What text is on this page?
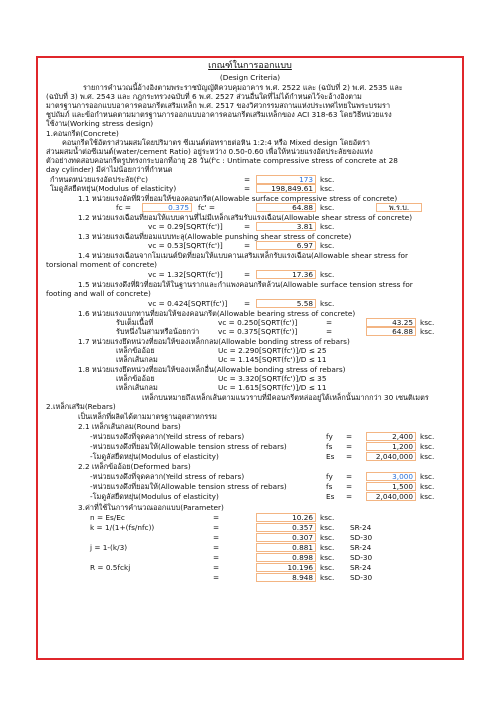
เกณฑ์ในการออกแบบ
(Design Criteria)
รายการคำนวณนี้อ้างอิงตามพระราชบัญญัติควบคุมอาคาร พ.ศ. 2522 และ (ฉบับที่ 2) พ.ศ. 2535 และ
(ฉบับที่ 3) พ.ศ. 2543 และ กฎกระทรวงฉบับที่ 6 พ.ศ. 2527 ส่วนอื่นใดที่ไม่ได้กำหนดไว้จะอ้างอิงตาม
มาตรฐานการออกแบบอาคารคอนกรีตเสริมเหล็ก พ.ศ. 2517 ของวิศวกรรมสถานแห่งประเทศไทยในพระบรมรา
ชูปถัมภ์ และข้อกำหนดตามมาตรฐานการออกแบบอาคารคอนกรีตเสริมเหล็กของ ACI 318-63 โดยวิธีหน่วยแรง
ใช้งาน(Working stress design)
1.คอนกรีต(Concrete)
คอนกรีตใช้อัตราส่วนผสมโดยปริมาตร ซีเมนต์ต่อทรายต่อหิน 1:2:4 หรือ Mixed design โดยอัตรา
ส่วนผสมน้ำต่อซีเมนต์(water/cement Ratio) อยู่ระหว่าง 0.50-0.60 เพื่อให้หน่วยแรงอัดประลัยของแท่ง
ตัวอย่างทดสอบคอนกรีตรูปทรงกระบอกที่อายุ 28 วัน(f'c : Untimate compressive stress of concrete at 28
day cylinder) มีค่าไม่น้อยกว่าที่กำหนด
กำหนดหน่วยแรงอัดประลัย(f'c)	=	173 ksc.
โมดูลัสยืดหยุ่น(Modulus of elasticity)	=	198,849.61 ksc.
1.1 หน่วยแรงอัดที่ผิวที่ยอมให้ของคอนกรีต(Allowable surface compressive stress of concrete)
fc =	0.375	fc' =	64.88 ksc.	พ.ร.บ.
1.2 หน่วยแรงเฉือนที่ยอมให้แบบคานที่ไม่มีเหล็กเสริมรับแรงเฉือน(Allowable shear stress of concrete)
vc = 0.29[SQRT(fc')]	=	3.81 ksc.
1.3 หน่วยแรงเฉือนที่ยอมแบบทะลุ(Allowable punshing shear stress of concrete)
vc = 0.53[SQRT(fc')]	=	6.97 ksc.
1.4 หน่วยแรงเฉือนจากโมเมนต์บิดที่ยอมให้แบบคานเสริมเหล็กรับแรงเฉือน(Allowable shear stress for
torsional moment of concrete)
vc = 1.32[SQRT(fc')]	=	17.36 ksc.
1.5 หน่วยแรงดึงที่ผิวที่ยอมให้ในฐานรากและกำแพงคอนกรีตล้วน(Allowable surface tension stress for
footing and wall of concrete)
vc = 0.424[SQRT(fc')] =	5.58 ksc.
1.6 หน่วยแรงแบกทานที่ยอมให้ของคอนกรีต(Allowable bearing stress of concrete)
รับเต็มเนื้อที่	vc = 0.250[SQRT(fc')]	=	43.25 ksc.
รับหนึ่งในสามหรือน้อยกว่า	vc = 0.375[SQRT(fc')]	=	64.88 ksc.
1.7 หน่วยแรงยึดหน่วงที่ยอมให้ของเหล็กกลม(Allowable bonding stress of rebars)
เหล็กข้ออ้อย	Uc = 2.290[SQRT(fc')]/D ≤ 25
เหล็กเส้นกลม	Uc = 1.145[SQRT(fc')]/D ≤ 11
1.8 หน่วยแรงยึดหน่วงที่ยอมให้ของเหล็กอื่น(Allowable bonding stress of rebars)
เหล็กข้ออ้อย	Uc = 3.320[SQRT(fc')]/D ≤ 35
เหล็กเส้นกลม	Uc = 1.615[SQRT(fc')]/D ≤ 11
เหล็กบนหมายถึงเหล็กเส้นตามแนวราบที่มีคอนกรีตหล่ออยู่ใต้เหล็กนั้นมากกว่า 30 เซนติเมตร
2.เหล็กเสริม(Rebars)
เป็นเหล็กที่ผลิตได้ตามมาตรฐานอุตสาหกรรม
2.1 เหล็กเส้นกลม(Round bars)
-หน่วยแรงดึงที่จุดคลาก(Yeild stress of rebars)	fy =	2,400 ksc.
-หน่วยแรงดึงที่ยอมให้(Allowable tension stress of rebars)	fs =	1,200 ksc.
-โมดูลัสยืดหยุ่น(Modulus of elasticity)	Es =	2,040,000 ksc.
2.2 เหล็กข้ออ้อย(Deformed bars)
-หน่วยแรงดึงที่จุดคลาก(Yeild stress of rebars)	fy =	3,000 ksc.
-หน่วยแรงดึงที่ยอมให้(Allowable tension stress of rebars)	fs =	1,500 ksc.
-โมดูลัสยืดหยุ่น(Modulus of elasticity)	Es =	2,040,000 ksc.
3.ค่าที่ใช้ในการคำนวณออกแบบ(Parameter)
n = Es/Ec	=	10.26 ksc.
k = 1/(1+(fs/nfc))	=	0.357 ksc. SR-24
=	0.307 ksc. SD-30
j = 1-(k/3)	=	0.881 ksc. SR-24
=	0.898 ksc. SD-30
R = 0.5fckj	=	10.196 ksc. SR-24
=	8.948 ksc. SD-30
